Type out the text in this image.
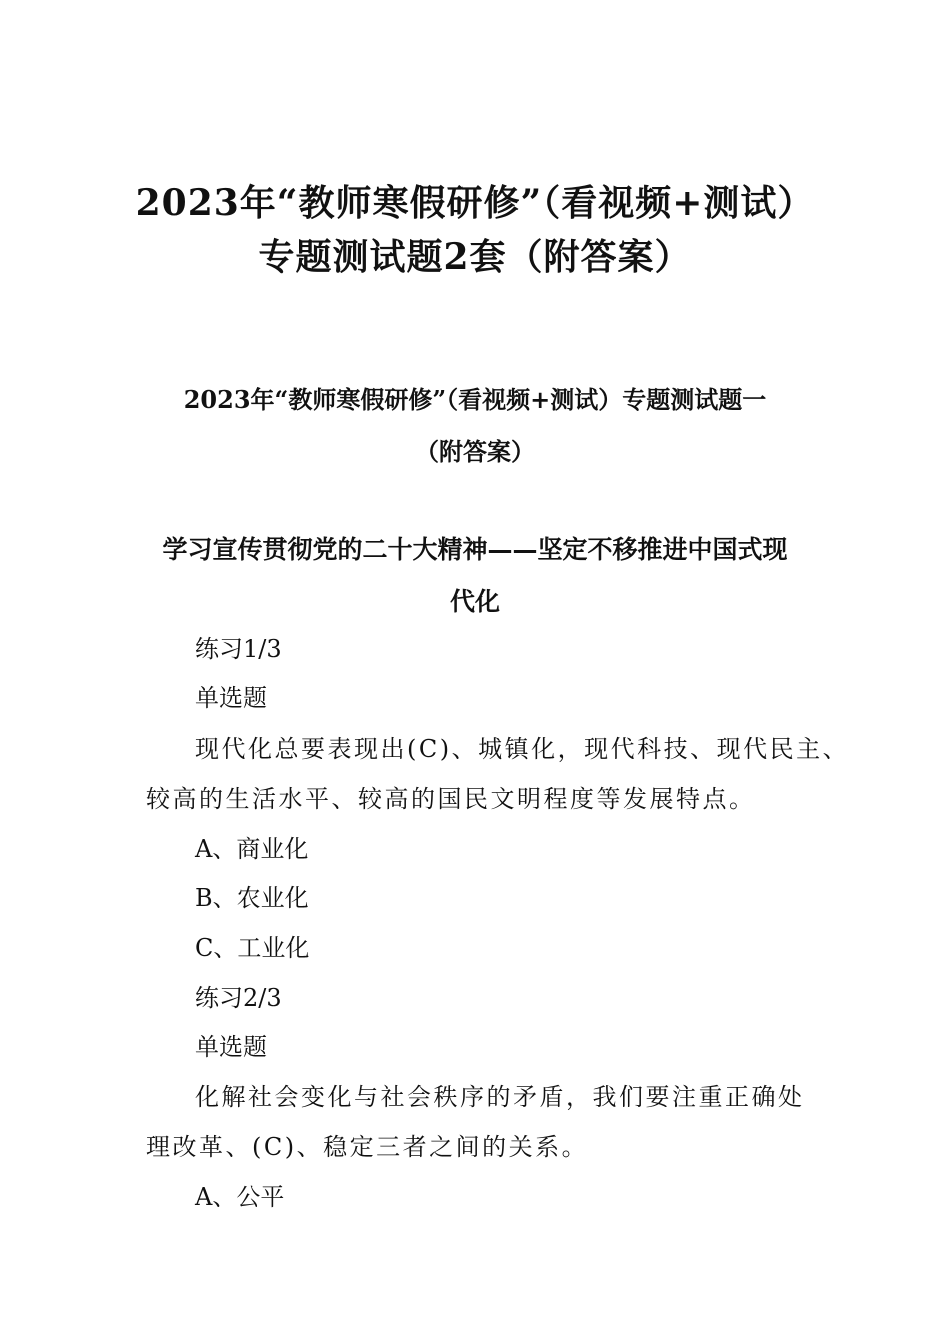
2023年“教师寒假研修”（看视频+测试）
专题测试题2套（附答案）
2023年“教师寒假研修”（看视频+测试）专题测试题一
（附答案）
学习宣传贯彻党的二十大精神——坚定不移推进中国式现
代化
练习1/3
单选题
现代化总要表现出(C)、城镇化，现代科技、现代民主、
较高的生活水平、较高的国民文明程度等发展特点。
A、商业化
B、农业化
C、工业化
练习2/3
单选题
化解社会变化与社会秩序的矛盾，我们要注重正确处
理改革、(C)、稳定三者之间的关系。
A、公平
